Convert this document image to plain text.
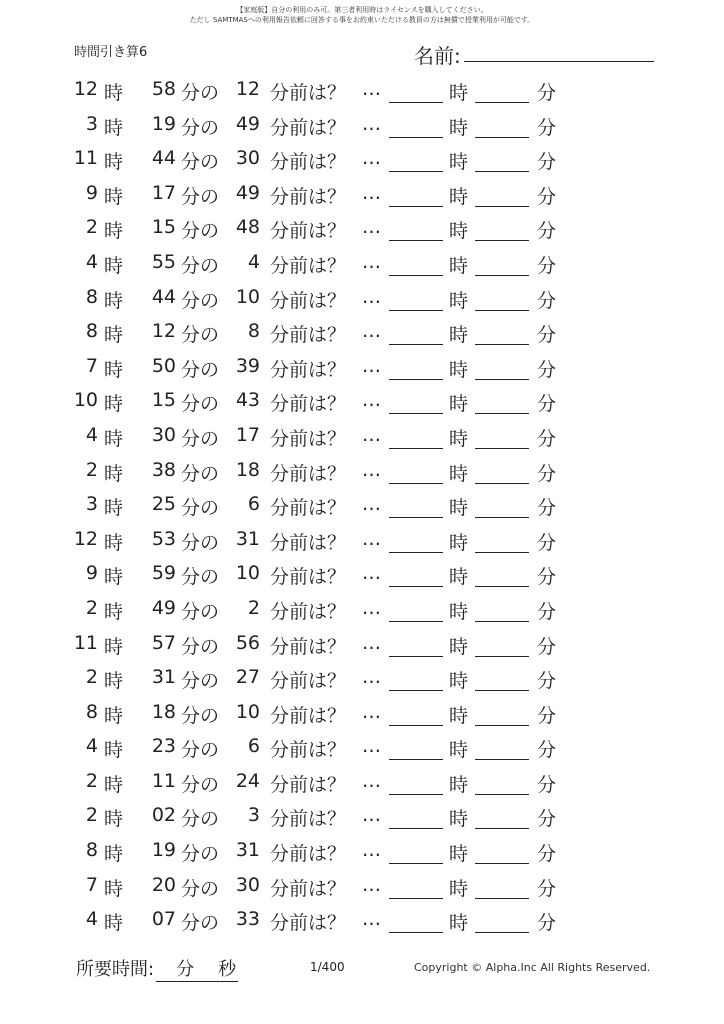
【家庭版】自分の利用のみ可。第三者利用時はライセンスを購入してください。
ただし SAMTMASへの利用報告依頼に回答する事をお約束いただける教員の方は無償で授業利用が可能です。
時間引き算6	名前:
12 時	58 分の 12 分前は？ …	時	分
3 時	19 分の 49 分前は？ …	時	分
11 時	44 分の 30 分前は？ …	時	分
9 時	17 分の 49 分前は？ …	時	分
2 時	15 分の 48 分前は？ …	時	分
4 時	55 分の	4 分前は？ …	時	分
8 時	44 分の 10 分前は？ …	時	分
8 時	12 分の	8 分前は？ …	時	分
7 時	50 分の 39 分前は？ …	時	分
10 時	15 分の 43 分前は？ …	時	分
4 時	30 分の 17 分前は？ …	時	分
2 時	38 分の 18 分前は？ …	時	分
3 時	25 分の	6 分前は？ …	時	分
12 時	53 分の 31 分前は？ …	時	分
9 時	59 分の 10 分前は？ …	時	分
2 時	49 分の	2 分前は？ …	時	分
11 時	57 分の 56 分前は？ …	時	分
2 時	31 分の 27 分前は？ …	時	分
8 時	18 分の 10 分前は？ …	時	分
4 時	23 分の	6 分前は？ …	時	分
2 時	11 分の 24 分前は？ …	時	分
2 時	02 分の	3 分前は？ …	時	分
8 時	19 分の 31 分前は？ …	時	分
7 時	20 分の 30 分前は？ …	時	分
4 時	07 分の 33 分前は？ …	時	分
所要時間: 分 秒	1/400	Copyright © Alpha.Inc All Rights Reserved.
